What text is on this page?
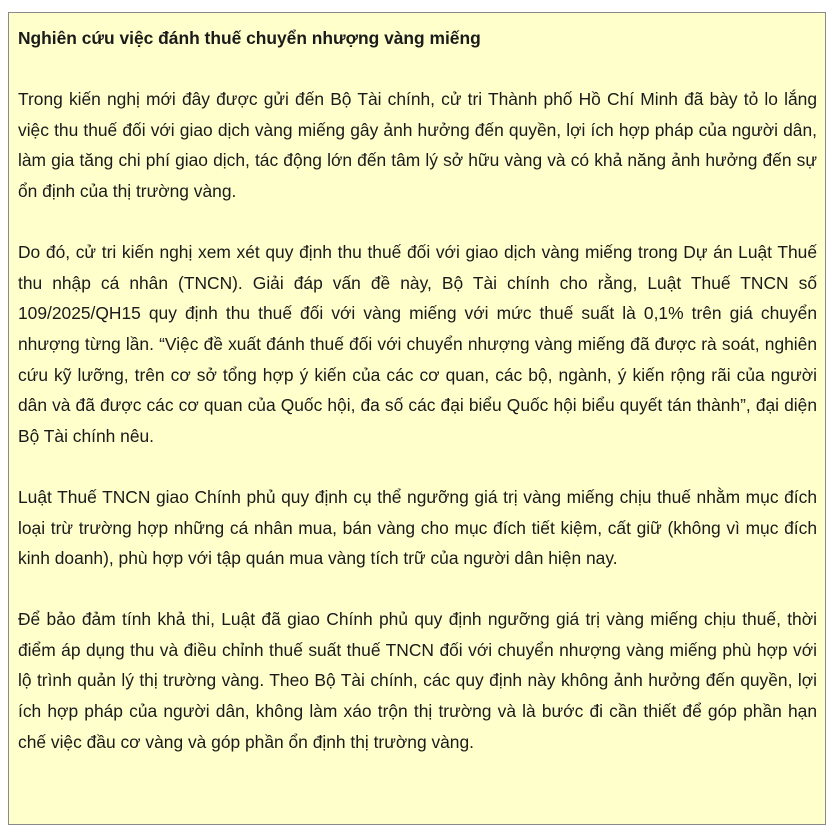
Nghiên cứu việc đánh thuế chuyển nhượng vàng miếng
Trong kiến nghị mới đây được gửi đến Bộ Tài chính, cử tri Thành phố Hồ Chí Minh đã bày tỏ lo lắng việc thu thuế đối với giao dịch vàng miếng gây ảnh hưởng đến quyền, lợi ích hợp pháp của người dân, làm gia tăng chi phí giao dịch, tác động lớn đến tâm lý sở hữu vàng và có khả năng ảnh hưởng đến sự ổn định của thị trường vàng.
Do đó, cử tri kiến nghị xem xét quy định thu thuế đối với giao dịch vàng miếng trong Dự án Luật Thuế thu nhập cá nhân (TNCN). Giải đáp vấn đề này, Bộ Tài chính cho rằng, Luật Thuế TNCN số 109/2025/QH15 quy định thu thuế đối với vàng miếng với mức thuế suất là 0,1% trên giá chuyển nhượng từng lần. “Việc đề xuất đánh thuế đối với chuyển nhượng vàng miếng đã được rà soát, nghiên cứu kỹ lưỡng, trên cơ sở tổng hợp ý kiến của các cơ quan, các bộ, ngành, ý kiến rộng rãi của người dân và đã được các cơ quan của Quốc hội, đa số các đại biểu Quốc hội biểu quyết tán thành”, đại diện Bộ Tài chính nêu.
Luật Thuế TNCN giao Chính phủ quy định cụ thể ngưỡng giá trị vàng miếng chịu thuế nhằm mục đích loại trừ trường hợp những cá nhân mua, bán vàng cho mục đích tiết kiệm, cất giữ (không vì mục đích kinh doanh), phù hợp với tập quán mua vàng tích trữ của người dân hiện nay.
Để bảo đảm tính khả thi, Luật đã giao Chính phủ quy định ngưỡng giá trị vàng miếng chịu thuế, thời điểm áp dụng thu và điều chỉnh thuế suất thuế TNCN đối với chuyển nhượng vàng miếng phù hợp với lộ trình quản lý thị trường vàng. Theo Bộ Tài chính, các quy định này không ảnh hưởng đến quyền, lợi ích hợp pháp của người dân, không làm xáo trộn thị trường và là bước đi cần thiết để góp phần hạn chế việc đầu cơ vàng và góp phần ổn định thị trường vàng.
